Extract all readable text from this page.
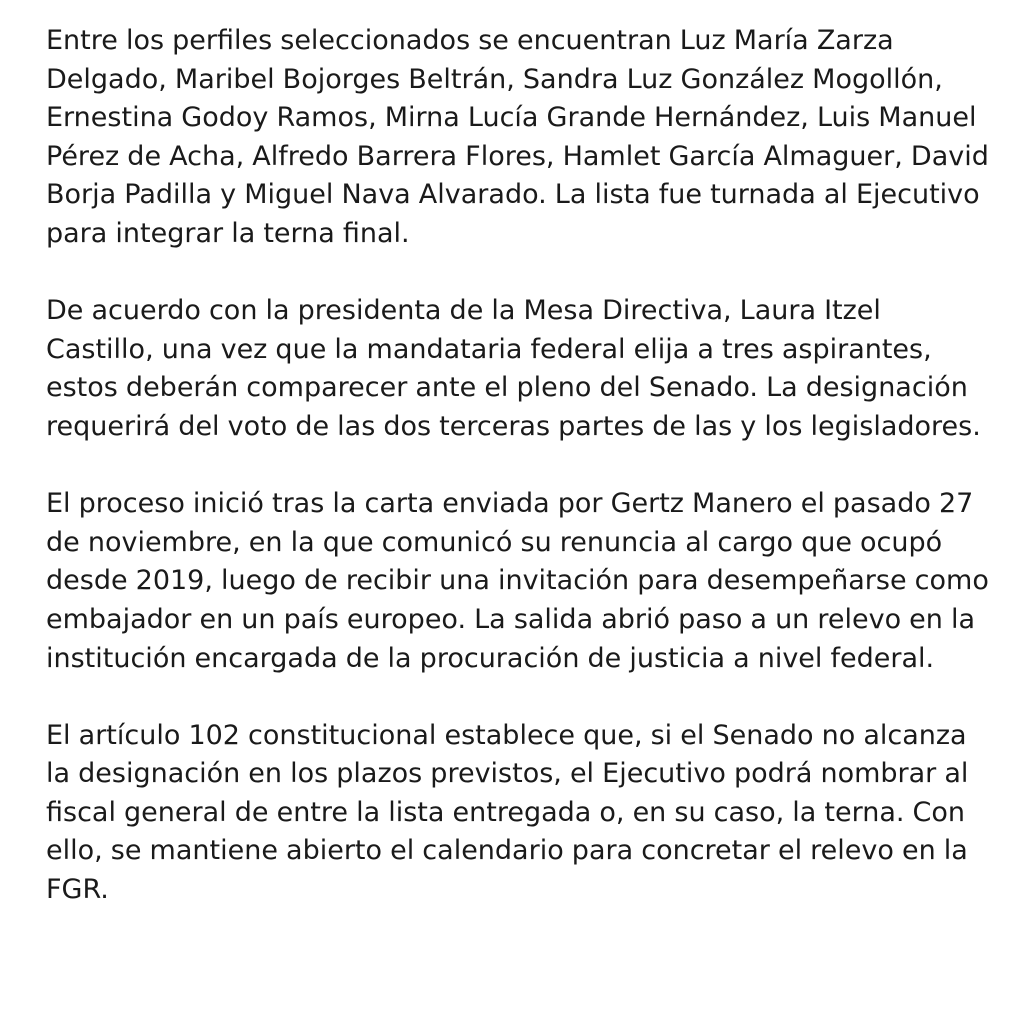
Entre los perfiles seleccionados se encuentran Luz María Zarza Delgado, Maribel Bojorges Beltrán, Sandra Luz González Mogollón, Ernestina Godoy Ramos, Mirna Lucía Grande Hernández, Luis Manuel Pérez de Acha, Alfredo Barrera Flores, Hamlet García Almaguer, David Borja Padilla y Miguel Nava Alvarado. La lista fue turnada al Ejecutivo para integrar la terna final.

De acuerdo con la presidenta de la Mesa Directiva, Laura Itzel Castillo, una vez que la mandataria federal elija a tres aspirantes, estos deberán comparecer ante el pleno del Senado. La designación requerirá del voto de las dos terceras partes de las y los legisladores.

El proceso inició tras la carta enviada por Gertz Manero el pasado 27 de noviembre, en la que comunicó su renuncia al cargo que ocupó desde 2019, luego de recibir una invitación para desempeñarse como embajador en un país europeo. La salida abrió paso a un relevo en la institución encargada de la procuración de justicia a nivel federal.

El artículo 102 constitucional establece que, si el Senado no alcanza la designación en los plazos previstos, el Ejecutivo podrá nombrar al fiscal general de entre la lista entregada o, en su caso, la terna. Con ello, se mantiene abierto el calendario para concretar el relevo en la FGR.
